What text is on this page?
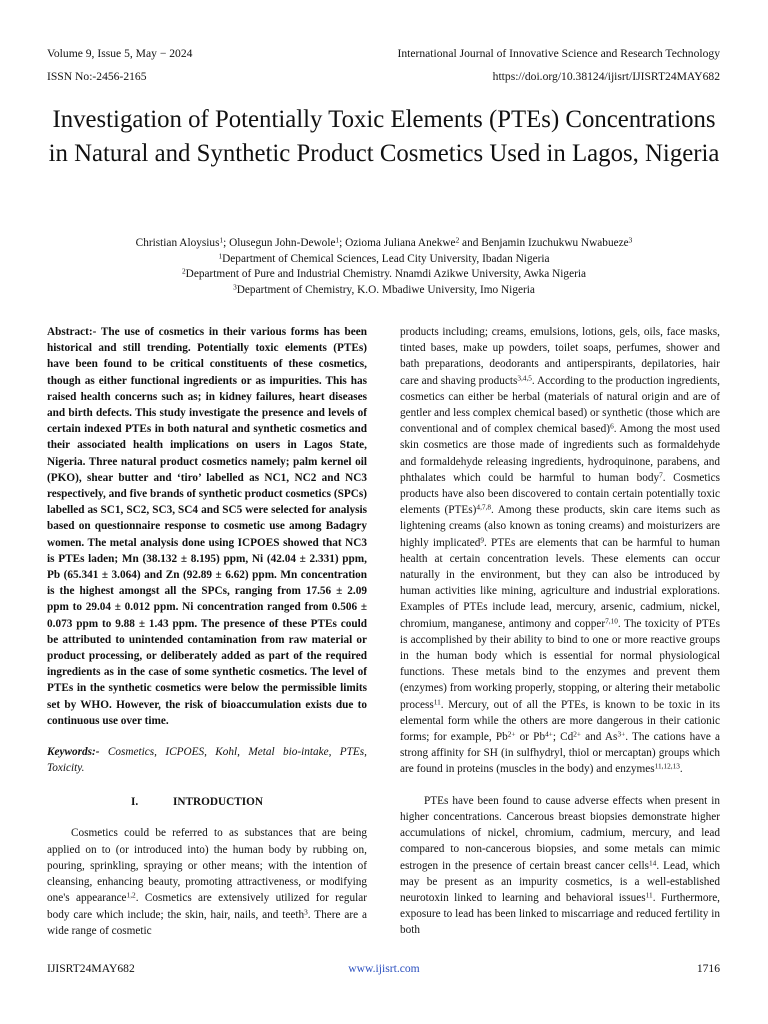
Volume 9, Issue 5, May − 2024
ISSN No:-2456-2165
International Journal of Innovative Science and Research Technology
https://doi.org/10.38124/ijisrt/IJISRT24MAY682
Investigation of Potentially Toxic Elements (PTEs) Concentrations in Natural and Synthetic Product Cosmetics Used in Lagos, Nigeria
Christian Aloysius$^1$; Olusegun John-Dewole$^1$; Ozioma Juliana Anekwe$^2$ and Benjamin Izuchukwu Nwabueze$^3$
$^1$Department of Chemical Sciences, Lead City University, Ibadan Nigeria
$^2$Department of Pure and Industrial Chemistry. Nnamdi Azikwe University, Awka Nigeria
$^3$Department of Chemistry, K.O. Mbadiwe University, Imo Nigeria

Abstract:- The use of cosmetics in their various forms has been historical and still trending. Potentially toxic elements (PTEs) have been found to be critical constituents of these cosmetics, though as either functional ingredients or as impurities. This has raised health concerns such as; in kidney failures, heart diseases and birth defects. This study investigate the presence and levels of certain indexed PTEs in both natural and synthetic cosmetics and their associated health implications on users in Lagos State, Nigeria. Three natural product cosmetics namely; palm kernel oil (PKO), shear butter and ‘tiro’ labelled as NC1, NC2 and NC3 respectively, and five brands of synthetic product cosmetics (SPCs) labelled as SC1, SC2, SC3, SC4 and SC5 were selected for analysis based on questionnaire response to cosmetic use among Badagry women. The metal analysis done using ICPOES showed that NC3 is PTEs laden; Mn (38.132 ± 8.195) ppm, Ni (42.04 ± 2.331) ppm, Pb (65.341 ± 3.064) and Zn (92.89 ± 6.62) ppm. Mn concentration is the highest amongst all the SPCs, ranging from 17.56 ± 2.09 ppm to 29.04 ± 0.012 ppm. Ni concentration ranged from 0.506 ± 0.073 ppm to 9.88 ± 1.43 ppm. The presence of these PTEs could be attributed to unintended contamination from raw material or product processing, or deliberately added as part of the required ingredients as in the case of some synthetic cosmetics. The level of PTEs in the synthetic cosmetics were below the permissible limits set by WHO. However, the risk of bioaccumulation exists due to continuous use over time.

Keywords:- Cosmetics, ICPOES, Kohl, Metal bio-intake, PTEs, Toxicity.

I.	INTRODUCTION

Cosmetics could be referred to as substances that are being applied on to (or introduced into) the human body by rubbing on, pouring, sprinkling, spraying or other means; with the intention of cleansing, enhancing beauty, promoting attractiveness, or modifying one's appearance$^{1,2}$. Cosmetics are extensively utilized for regular body care which include; the skin, hair, nails, and teeth$^3$. There are a wide range of cosmetic

products including; creams, emulsions, lotions, gels, oils, face masks, tinted bases, make up powders, toilet soaps, perfumes, shower and bath preparations, deodorants and antiperspirants, depilatories, hair care and shaving products$^{3,4,5}$. According to the production ingredients, cosmetics can either be herbal (materials of natural origin and are of gentler and less complex chemical based) or synthetic (those which are conventional and of complex chemical based)$^6$. Among the most used skin cosmetics are those made of ingredients such as formaldehyde and formaldehyde releasing ingredients, hydroquinone, parabens, and phthalates which could be harmful to human body$^7$. Cosmetics products have also been discovered to contain certain potentially toxic elements (PTEs)$^{4,7,8}$. Among these products, skin care items such as lightening creams (also known as toning creams) and moisturizers are highly implicated$^9$. PTEs are elements that can be harmful to human health at certain concentration levels. These elements can occur naturally in the environment, but they can also be introduced by human activities like mining, agriculture and industrial explorations. Examples of PTEs include lead, mercury, arsenic, cadmium, nickel, chromium, manganese, antimony and copper$^{7,10}$. The toxicity of PTEs is accomplished by their ability to bind to one or more reactive groups in the human body which is essential for normal physiological functions. These metals bind to the enzymes and prevent them (enzymes) from working properly, stopping, or altering their metabolic process$^{11}$. Mercury, out of all the PTEs, is known to be toxic in its elemental form while the others are more dangerous in their cationic forms; for example, $Pb^{2+}$ or $Pb^{4+}$; $Cd^{2+}$ and $As^{3+}$. The cations have a strong affinity for SH (in sulfhydryl, thiol or mercaptan) groups which are found in proteins (muscles in the body) and enzymes$^{11,12,13}$.

PTEs have been found to cause adverse effects when present in higher concentrations. Cancerous breast biopsies demonstrate higher accumulations of nickel, chromium, cadmium, mercury, and lead compared to non-cancerous biopsies, and some metals can mimic estrogen in the presence of certain breast cancer cells$^{14}$. Lead, which may be present as an impurity cosmetics, is a well-established neurotoxin linked to learning and behavioral issues$^{11}$. Furthermore, exposure to lead has been linked to miscarriage and reduced fertility in both

IJISRT24MAY682	www.ijisrt.com	1716
